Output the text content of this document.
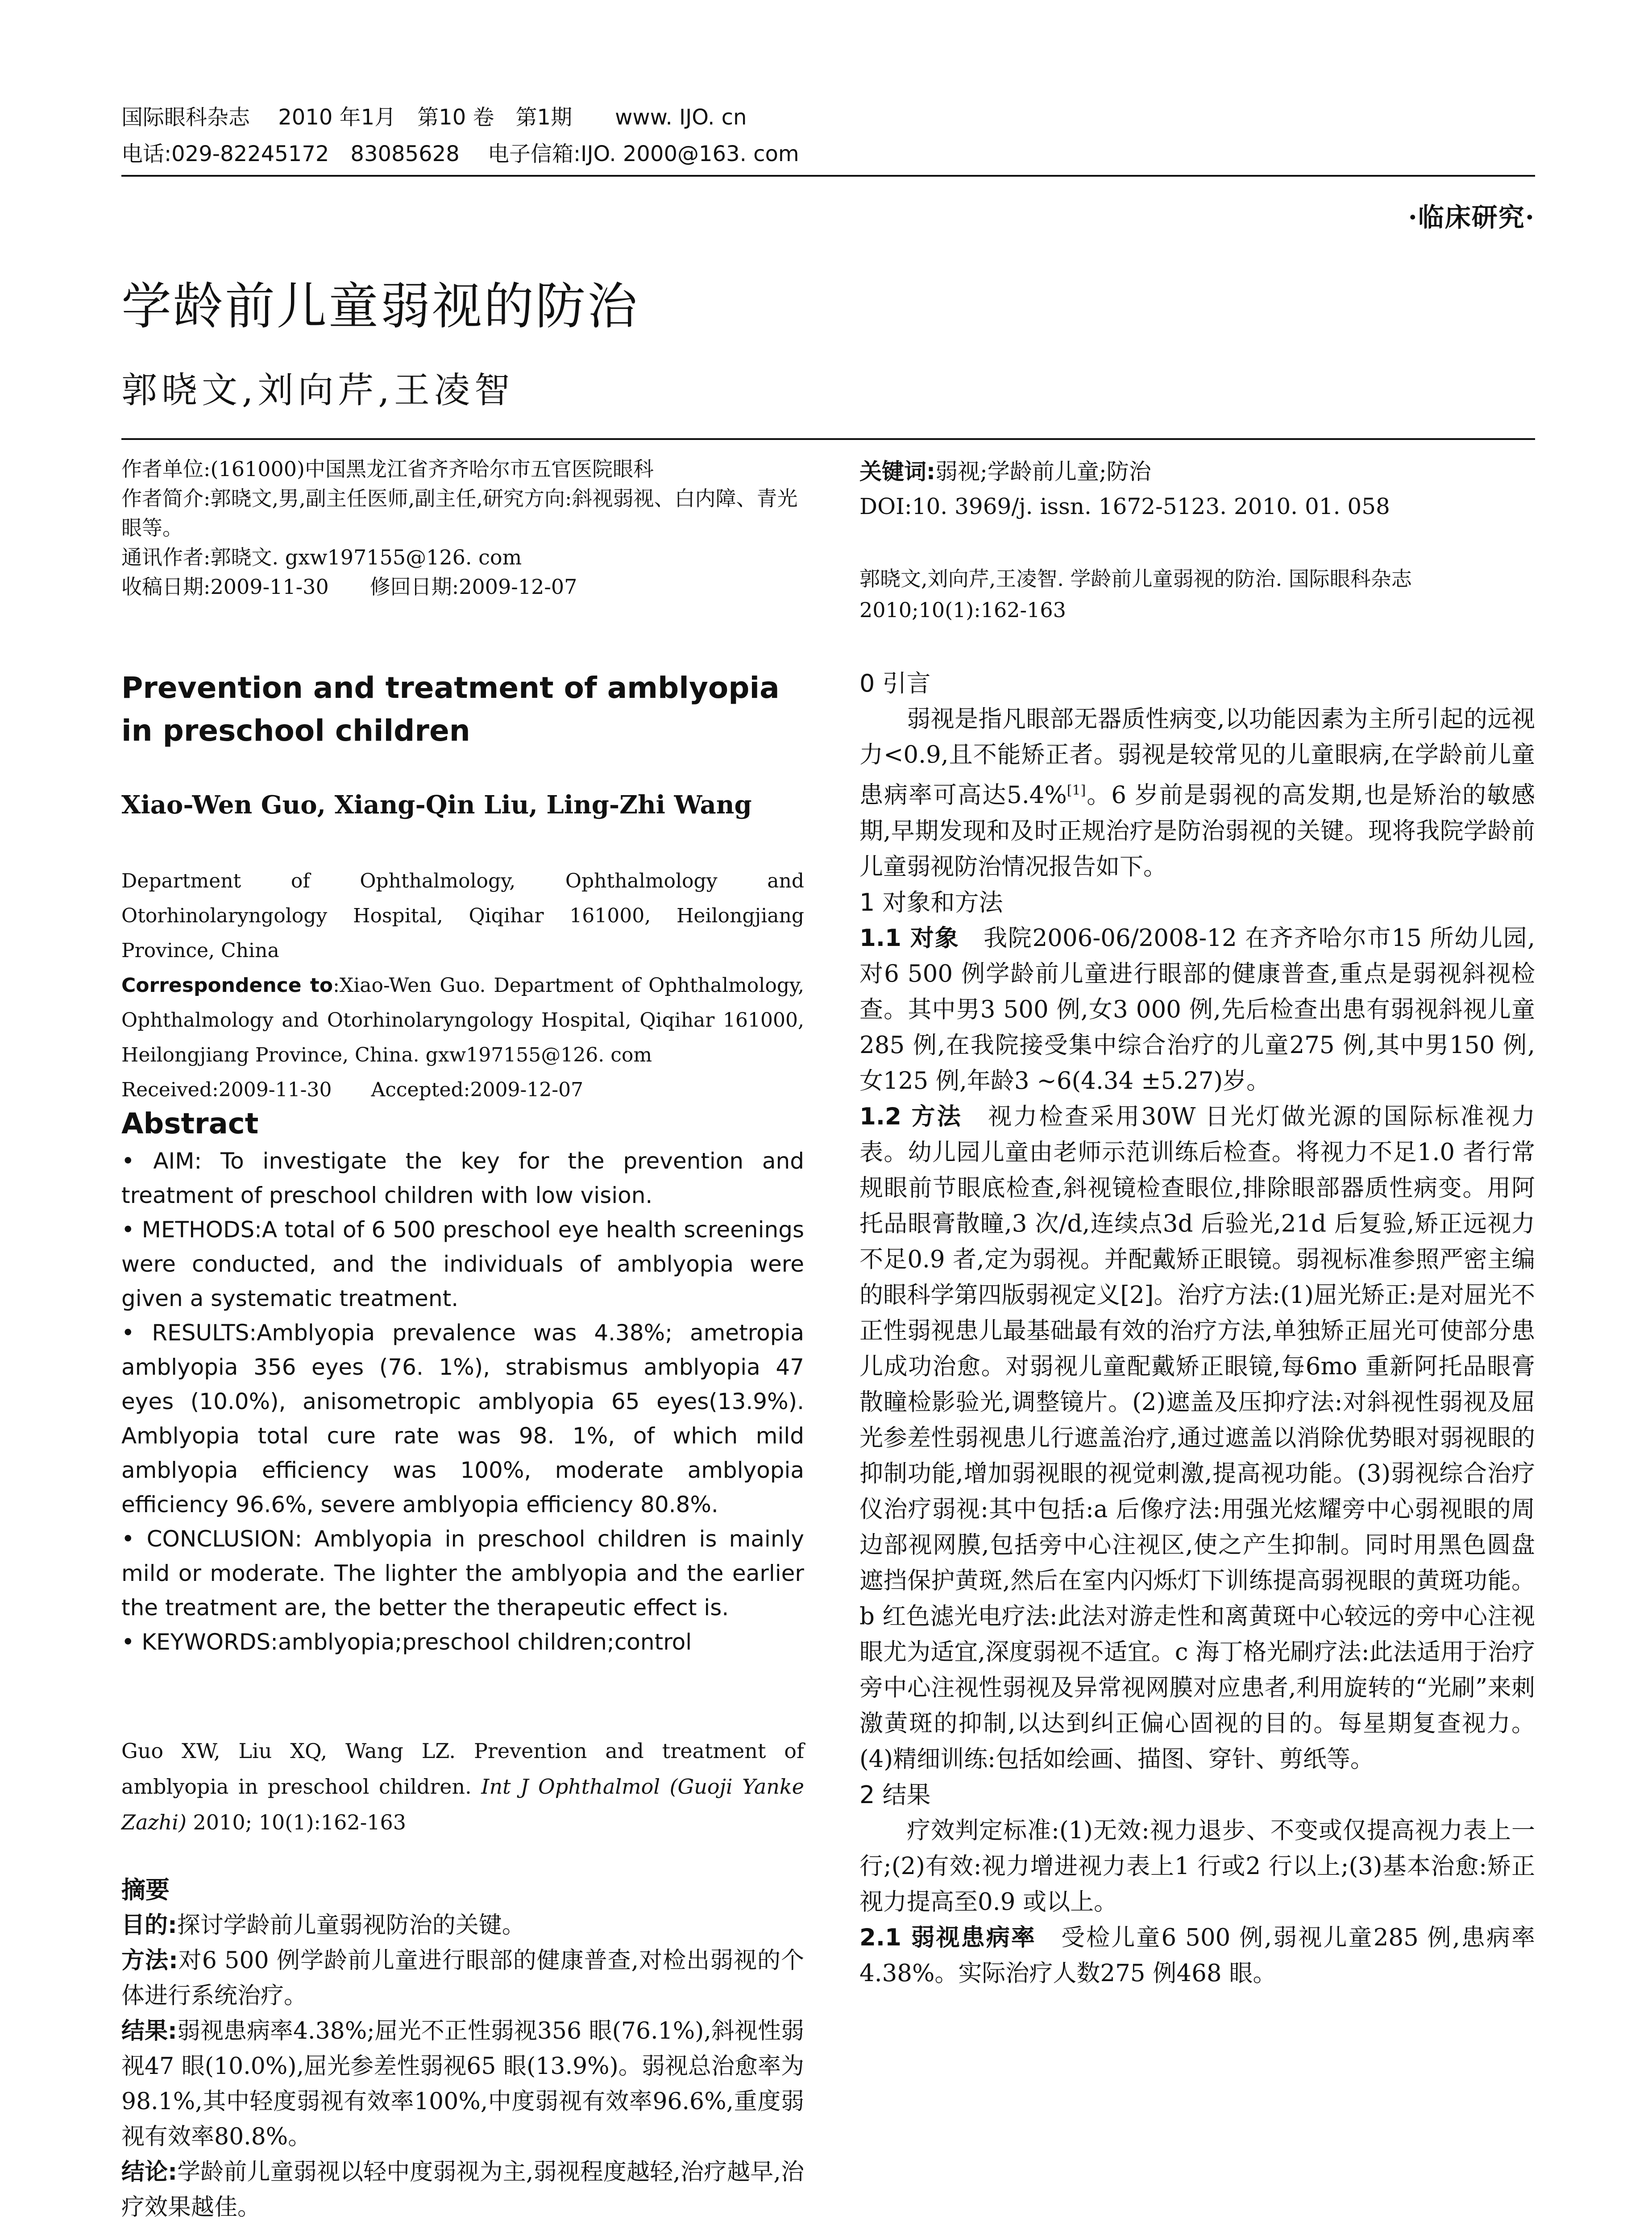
国际眼科杂志　 2010 年1月　第10 卷　第1期　　www. IJO. cn
电话:029-82245172　83085628　 电子信箱:IJO. 2000@163. com
·临床研究·
学龄前儿童弱视的防治
郭晓文,刘向芹,王凌智
作者单位:(161000)中国黑龙江省齐齐哈尔市五官医院眼科
作者简介:郭晓文,男,副主任医师,副主任,研究方向:斜视弱视、白内障、青光眼等。
通讯作者:郭晓文. gxw197155@126. com
收稿日期:2009-11-30　　修回日期:2009-12-07
Prevention and treatment of amblyopia in preschool children
Xiao-Wen Guo, Xiang-Qin Liu, Ling-Zhi Wang
Department of Ophthalmology, Ophthalmology and Otorhinolaryngology Hospital, Qiqihar 161000, Heilongjiang Province, China
Correspondence to:Xiao-Wen Guo. Department of Ophthalmology, Ophthalmology and Otorhinolaryngology Hospital, Qiqihar 161000, Heilongjiang Province, China. gxw197155@126. com
Received:2009-11-30　　Accepted:2009-12-07
Abstract

• AIM: To investigate the key for the prevention and treatment of preschool children with low vision.

• METHODS:A total of 6 500 preschool eye health screenings were conducted, and the individuals of amblyopia were given a systematic treatment.

• RESULTS:Amblyopia prevalence was 4.38%; ametropia amblyopia 356 eyes (76. 1%), strabismus amblyopia 47 eyes (10.0%), anisometropic amblyopia 65 eyes(13.9%). Amblyopia total cure rate was 98. 1%, of which mild amblyopia efficiency was 100%, moderate amblyopia efficiency 96.6%, severe amblyopia efficiency 80.8%.

• CONCLUSION: Amblyopia in preschool children is mainly mild or moderate. The lighter the amblyopia and the earlier the treatment are, the better the therapeutic effect is.

• KEYWORDS:amblyopia;preschool children;control

Guo XW, Liu XQ, Wang LZ. Prevention and treatment of amblyopia in preschool children. Int J Ophthalmol (Guoji Yanke Zazhi) 2010; 10(1):162-163
摘要

目的:探讨学龄前儿童弱视防治的关键。

方法:对6 500 例学龄前儿童进行眼部的健康普查,对检出弱视的个体进行系统治疗。

结果:弱视患病率4.38%;屈光不正性弱视356 眼(76.1%),斜视性弱视47 眼(10.0%),屈光参差性弱视65 眼(13.9%)。弱视总治愈率为98.1%,其中轻度弱视有效率100%,中度弱视有效率96.6%,重度弱视有效率80.8%。

结论:学龄前儿童弱视以轻中度弱视为主,弱视程度越轻,治疗越早,治疗效果越佳。

关键词:弱视;学龄前儿童;防治
DOI:10. 3969/j. issn. 1672-5123. 2010. 01. 058
郭晓文,刘向芹,王凌智. 学龄前儿童弱视的防治. 国际眼科杂志 2010;10(1):162-163
0 引言

弱视是指凡眼部无器质性病变,以功能因素为主所引起的远视力<0.9,且不能矫正者。弱视是较常见的儿童眼病,在学龄前儿童患病率可高达5.4%[1]。6 岁前是弱视的高发期,也是矫治的敏感期,早期发现和及时正规治疗是防治弱视的关键。现将我院学龄前儿童弱视防治情况报告如下。

1 对象和方法

1.1 对象　我院2006-06/2008-12 在齐齐哈尔市15 所幼儿园,对6 500 例学龄前儿童进行眼部的健康普查,重点是弱视斜视检查。其中男3 500 例,女3 000 例,先后检查出患有弱视斜视儿童285 例,在我院接受集中综合治疗的儿童275 例,其中男150 例,女125 例,年龄3 ~6(4.34 ±5.27)岁。

1.2 方法　视力检查采用30W 日光灯做光源的国际标准视力表。幼儿园儿童由老师示范训练后检查。将视力不足1.0 者行常规眼前节眼底检查,斜视镜检查眼位,排除眼部器质性病变。用阿托品眼膏散瞳,3 次/d,连续点3d 后验光,21d 后复验,矫正远视力不足0.9 者,定为弱视。并配戴矫正眼镜。弱视标准参照严密主编的眼科学第四版弱视定义[2]。治疗方法:(1)屈光矫正:是对屈光不正性弱视患儿最基础最有效的治疗方法,单独矫正屈光可使部分患儿成功治愈。对弱视儿童配戴矫正眼镜,每6mo 重新阿托品眼膏散瞳检影验光,调整镜片。(2)遮盖及压抑疗法:对斜视性弱视及屈光参差性弱视患儿行遮盖治疗,通过遮盖以消除优势眼对弱视眼的抑制功能,增加弱视眼的视觉刺激,提高视功能。(3)弱视综合治疗仪治疗弱视:其中包括:a 后像疗法:用强光炫耀旁中心弱视眼的周边部视网膜,包括旁中心注视区,使之产生抑制。同时用黑色圆盘遮挡保护黄斑,然后在室内闪烁灯下训练提高弱视眼的黄斑功能。b 红色滤光电疗法:此法对游走性和离黄斑中心较远的旁中心注视眼尤为适宜,深度弱视不适宜。c 海丁格光刷疗法:此法适用于治疗旁中心注视性弱视及异常视网膜对应患者,利用旋转的“光刷”来刺激黄斑的抑制,以达到纠正偏心固视的目的。每星期复查视力。(4)精细训练:包括如绘画、描图、穿针、剪纸等。

2 结果

疗效判定标准:(1)无效:视力退步、不变或仅提高视力表上一行;(2)有效:视力增进视力表上1 行或2 行以上;(3)基本治愈:矫正视力提高至0.9 或以上。

2.1 弱视患病率　受检儿童6 500 例,弱视儿童285 例,患病率4.38%。实际治疗人数275 例468 眼。
